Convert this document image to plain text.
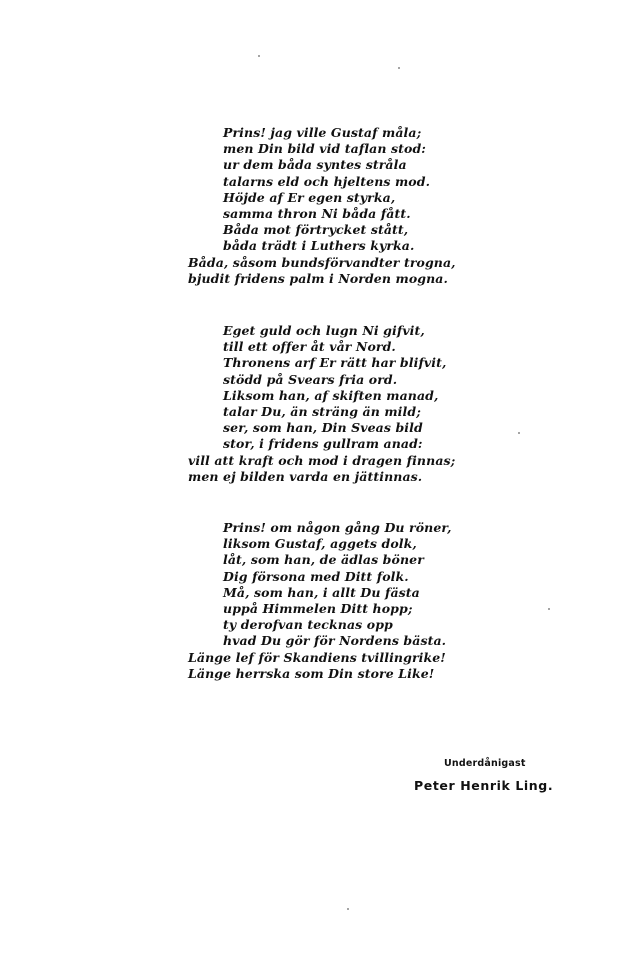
Prins! jag ville Gustaf måla;
men Din bild vid taflan stod:
ur dem båda syntes stråla
talarns eld och hjeltens mod.
Höjde af Er egen styrka,
samma thron Ni båda fått.
Båda mot förtrycket stått,
båda trädt i Luthers kyrka.
Båda, såsom bundsförvandter trogna,
bjudit fridens palm i Norden mogna.
Eget guld och lugn Ni gifvit,
till ett offer åt vår Nord.
Thronens arf Er rätt har blifvit,
stödd på Svears fria ord.
Liksom han, af skiften manad,
talar Du, än sträng än mild;
ser, som han, Din Sveas bild
stor, i fridens gullram anad:
vill att kraft och mod i dragen finnas;
men ej bilden varda en jättinnas.
Prins! om någon gång Du röner,
liksom Gustaf, aggets dolk,
låt, som han, de ädlas böner
Dig försona med Ditt folk.
Må, som han, i allt Du fästa
uppå Himmelen Ditt hopp;
ty derofvan tecknas opp
hvad Du gör för Nordens bästa.
Länge lef för Skandiens tvillingrike!
Länge herrska som Din store Like!
Underdånigast
Peter Henrik Ling.
